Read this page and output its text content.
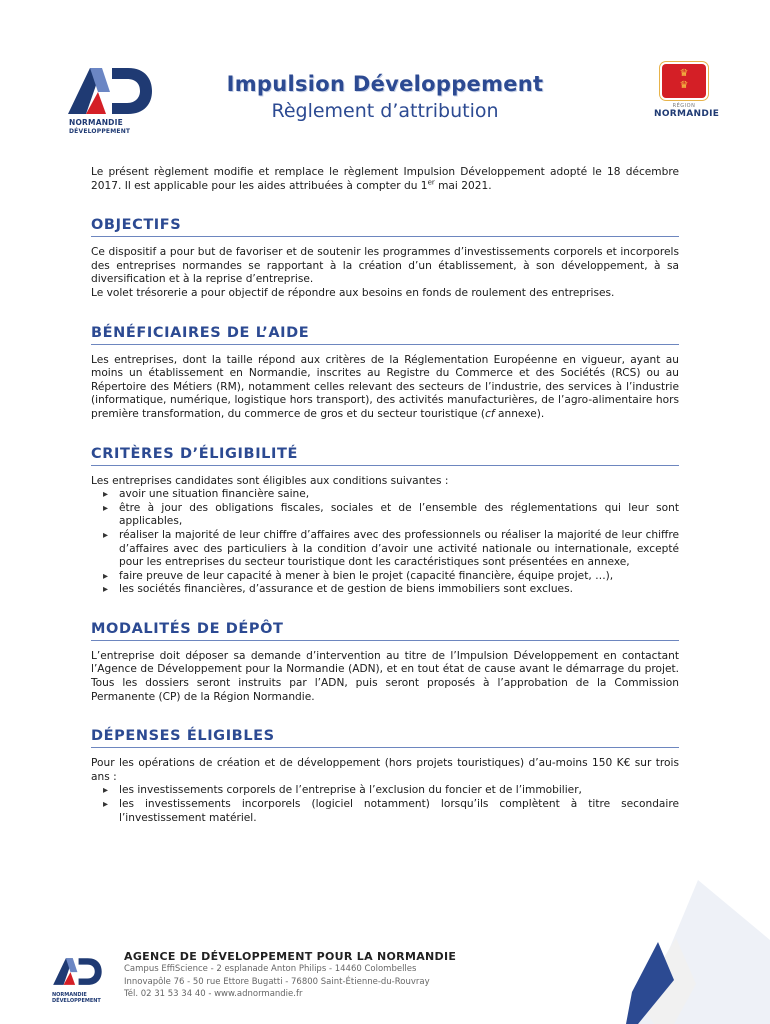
NORMANDIE
DÉVELOPPEMENT
Impulsion Développement
Règlement d’attribution
♛
♛
RÉGION
NORMANDIE

Le présent règlement modifie et remplace le règlement Impulsion Développement adopté le 18 décembre 2017. Il est applicable pour les aides attribuées à compter du 1er mai 2021.

OBJECTIFS

Ce dispositif a pour but de favoriser et de soutenir les programmes d’investissements corporels et incorporels des entreprises normandes se rapportant à la création d’un établissement, à son développement, à sa diversification et à la reprise d’entreprise.

Le volet trésorerie a pour objectif de répondre aux besoins en fonds de roulement des entreprises.

BÉNÉFICIAIRES DE L’AIDE

Les entreprises, dont la taille répond aux critères de la Réglementation Européenne en vigueur, ayant au moins un établissement en Normandie, inscrites au Registre du Commerce et des Sociétés (RCS) ou au Répertoire des Métiers (RM), notamment celles relevant des secteurs de l’industrie, des services à l’industrie (informatique, numérique, logistique hors transport), des activités manufacturières, de l’agro-alimentaire hors première transformation, du commerce de gros et du secteur touristique (cf annexe).

CRITÈRES D’ÉLIGIBILITÉ

Les entreprises candidates sont éligibles aux conditions suivantes :

▸ avoir une situation financière saine,
▸ être à jour des obligations fiscales, sociales et de l’ensemble des réglementations qui leur sont applicables,
▸ réaliser la majorité de leur chiffre d’affaires avec des professionnels ou réaliser la majorité de leur chiffre d’affaires avec des particuliers à la condition d’avoir une activité nationale ou internationale, excepté pour les entreprises du secteur touristique dont les caractéristiques sont présentées en annexe,
▸ faire preuve de leur capacité à mener à bien le projet (capacité financière, équipe projet, …),
▸ les sociétés financières, d’assurance et de gestion de biens immobiliers sont exclues.
MODALITÉS DE DÉPÔT

L’entreprise doit déposer sa demande d’intervention au titre de l’Impulsion Développement en contactant l’Agence de Développement pour la Normandie (ADN), et en tout état de cause avant le démarrage du projet. Tous les dossiers seront instruits par l’ADN, puis seront proposés à l’approbation de la Commission Permanente (CP) de la Région Normandie.

DÉPENSES ÉLIGIBLES

Pour les opérations de création et de développement (hors projets touristiques) d’au-moins 150 K€ sur trois ans :

▸ les investissements corporels de l’entreprise à l’exclusion du foncier et de l’immobilier,
▸ les investissements incorporels (logiciel notamment) lorsqu’ils complètent à titre secondaire l’investissement matériel.
NORMANDIE
DÉVELOPPEMENT
AGENCE DE DÉVELOPPEMENT POUR LA NORMANDIE
Campus EffiScience - 2 esplanade Anton Philips - 14460 Colombelles
Innovapôle 76 - 50 rue Ettore Bugatti - 76800 Saint-Étienne-du-Rouvray
Tél. 02 31 53 34 40 - www.adnormandie.fr
